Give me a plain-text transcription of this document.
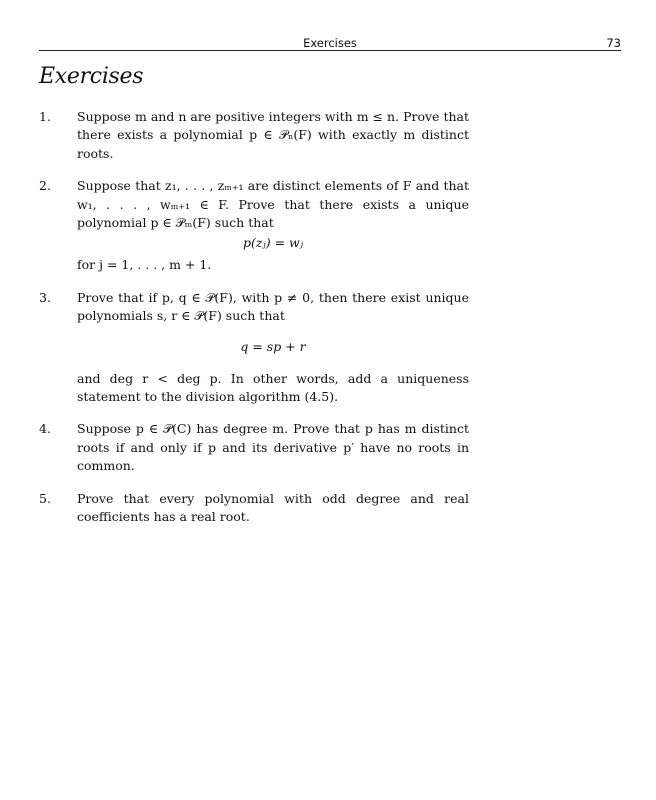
Exercises	73
Exercises
1.	Suppose m and n are positive integers with m ≤ n. Prove that there exists a polynomial p ∈ 𝒫ₙ(F) with exactly m distinct roots.
2.	Suppose that z₁, . . . , zₘ₊₁ are distinct elements of F and that w₁, . . . , wₘ₊₁ ∈ F. Prove that there exists a unique polynomial p ∈ 𝒫ₘ(F) such that
p(zⱼ) = wⱼ
for j = 1, . . . , m + 1.
3.	Prove that if p, q ∈ 𝒫(F), with p ≠ 0, then there exist unique polynomials s, r ∈ 𝒫(F) such that
q = sp + r
and deg r < deg p. In other words, add a uniqueness statement to the division algorithm (4.5).
4.	Suppose p ∈ 𝒫(C) has degree m. Prove that p has m distinct roots if and only if p and its derivative p′ have no roots in common.
5.	Prove that every polynomial with odd degree and real coefficients has a real root.
